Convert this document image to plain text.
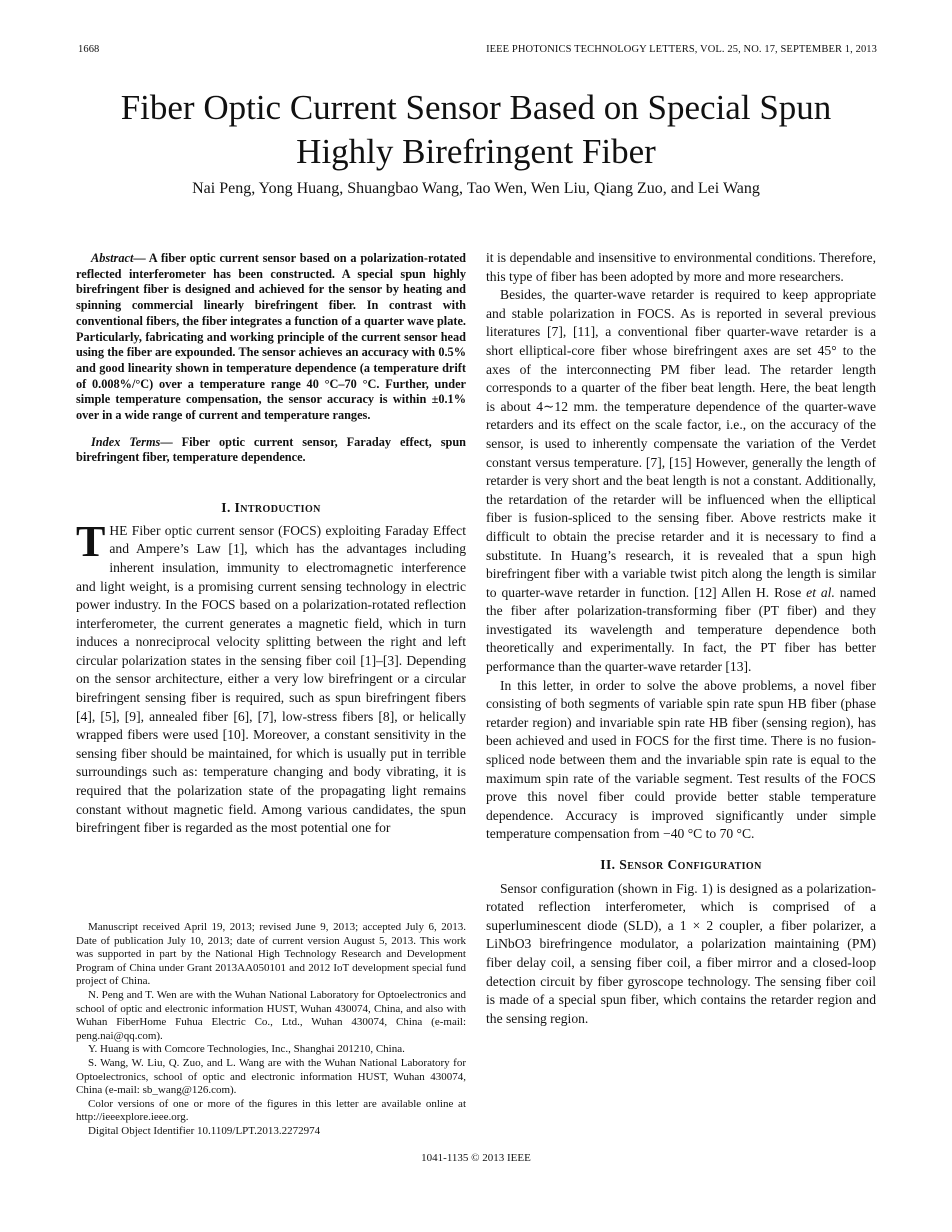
1668	IEEE PHOTONICS TECHNOLOGY LETTERS, VOL. 25, NO. 17, SEPTEMBER 1, 2013
Fiber Optic Current Sensor Based on Special Spun
Highly Birefringent Fiber
Nai Peng, Yong Huang, Shuangbao Wang, Tao Wen, Wen Liu, Qiang Zuo, and Lei Wang

Abstract— A fiber optic current sensor based on a polarization-rotated reflected interferometer has been constructed. A special spun highly birefringent fiber is designed and achieved for the sensor by heating and spinning commercial linearly birefringent fiber. In contrast with conventional fibers, the fiber integrates a function of a quarter wave plate. Particularly, fabricating and working principle of the current sensor head using the fiber are expounded. The sensor achieves an accuracy with 0.5% and good linearity shown in temperature dependence (a temperature drift of 0.008%/°C) over a temperature range 40 °C–70 °C. Further, under simple temperature compensation, the sensor accuracy is within ±0.1% over in a wide range of current and temperature ranges.

Index Terms— Fiber optic current sensor, Faraday effect, spun birefringent fiber, temperature dependence.

I. Introduction

THE Fiber optic current sensor (FOCS) exploiting Faraday Effect and Ampere’s Law [1], which has the advantages including inherent insulation, immunity to electromagnetic interference and light weight, is a promising current sensing technology in electric power industry. In the FOCS based on a polarization-rotated reflection interferometer, the current generates a magnetic field, which in turn induces a nonreciprocal velocity splitting between the right and left circular polarization states in the sensing fiber coil [1]–[3]. Depending on the sensor architecture, either a very low birefringent or a circular birefringent sensing fiber is required, such as spun birefringent fibers [4], [5], [9], annealed fiber [6], [7], low-stress fibers [8], or helically wrapped fibers were used [10]. Moreover, a constant sensitivity in the sensing fiber should be maintained, for which is usually put in terrible surroundings such as: temperature changing and body vibrating, it is required that the polarization state of the propagating light remains constant without magnetic field. Among various candidates, the spun birefringent fiber is regarded as the most potential one for

Manuscript received April 19, 2013; revised June 9, 2013; accepted July 6, 2013. Date of publication July 10, 2013; date of current version August 5, 2013. This work was supported in part by the National High Technology Research and Development Program of China under Grant 2013AA050101 and 2012 IoT development special fund project of China.

N. Peng and T. Wen are with the Wuhan National Laboratory for Optoelectronics and school of optic and electronic information HUST, Wuhan 430074, China, and also with Wuhan FiberHome Fuhua Electric Co., Ltd., Wuhan 430074, China (e-mail: peng.nai@qq.com).

Y. Huang is with Comcore Technologies, Inc., Shanghai 201210, China.

S. Wang, W. Liu, Q. Zuo, and L. Wang are with the Wuhan National Laboratory for Optoelectronics, school of optic and electronic information HUST, Wuhan 430074, China (e-mail: sb_wang@126.com).

Color versions of one or more of the figures in this letter are available online at http://ieeexplore.ieee.org.

Digital Object Identifier 10.1109/LPT.2013.2272974

it is dependable and insensitive to environmental conditions. Therefore, this type of fiber has been adopted by more and more researchers.

Besides, the quarter-wave retarder is required to keep appropriate and stable polarization in FOCS. As is reported in several previous literatures [7], [11], a conventional fiber quarter-wave retarder is a short elliptical-core fiber whose birefringent axes are set 45° to the axes of the interconnecting PM fiber lead. The retarder length corresponds to a quarter of the fiber beat length. Here, the beat length is about 4∼12 mm. the temperature dependence of the quarter-wave retarders and its effect on the scale factor, i.e., on the accuracy of the sensor, is used to inherently compensate the variation of the Verdet constant versus temperature. [7], [15] However, generally the length of retarder is very short and the beat length is not a constant. Additionally, the retardation of the retarder will be influenced when the elliptical fiber is fusion-spliced to the sensing fiber. Above restricts make it difficult to obtain the precise retarder and it is necessary to find a substitute. In Huang’s research, it is revealed that a spun high birefringent fiber with a variable twist pitch along the length is similar to quarter-wave retarder in function. [12] Allen H. Rose et al. named the fiber after polarization-transforming fiber (PT fiber) and they investigated its wavelength and temperature dependence both theoretically and experimentally. In fact, the PT fiber has better performance than the quarter-wave retarder [13].

In this letter, in order to solve the above problems, a novel fiber consisting of both segments of variable spin rate spun HB fiber (phase retarder region) and invariable spin rate HB fiber (sensing region), has been achieved and used in FOCS for the first time. There is no fusion-spliced node between them and the invariable spin rate is equal to the maximum spin rate of the variable segment. Test results of the FOCS prove this novel fiber could provide better stable temperature dependence. Accuracy is improved significantly under simple temperature compensation from −40 °C to 70 °C.

II. Sensor Configuration

Sensor configuration (shown in Fig. 1) is designed as a polarization-rotated reflection interferometer, which is comprised of a superluminescent diode (SLD), a 1 × 2 coupler, a fiber polarizer, a LiNbO3 birefringence modulator, a polarization maintaining (PM) fiber delay coil, a sensing fiber coil, a fiber mirror and a closed-loop detection circuit by fiber gyroscope technology. The sensing fiber coil is made of a special spun fiber, which contains the retarder region and the sensing region.

1041-1135 © 2013 IEEE
